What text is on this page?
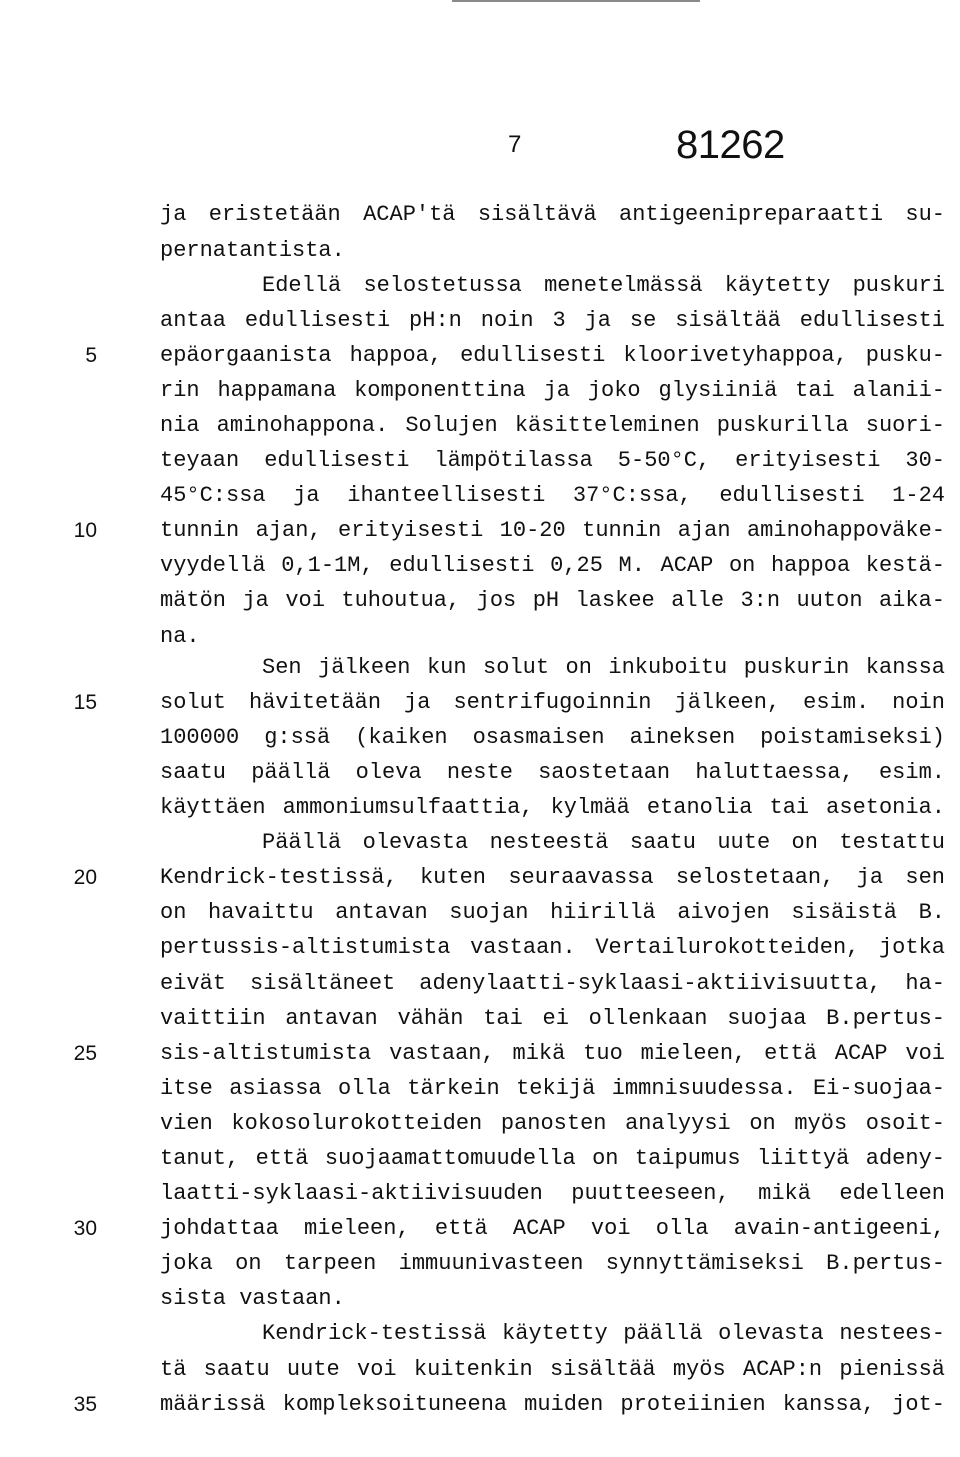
7	81262
ja eristetään ACAP'tä sisältävä antigeenipreparaatti su-
pernatantista.
Edellä selostetussa menetelmässä käytetty puskuri
antaa edullisesti pH:n noin 3 ja se sisältää edullisesti
5	epäorgaanista happoa, edullisesti kloorivetyhappoa, pusku-
rin happamana komponenttina ja joko glysiiniä tai alanii-
nia aminohappona. Solujen käsitteleminen puskurilla suori-
teyaan edullisesti lämpötilassa 5-50°C, erityisesti 30-
45°C:ssa ja ihanteellisesti 37°C:ssa, edullisesti 1-24
10	tunnin ajan, erityisesti 10-20 tunnin ajan aminohappoväke-
vyydellä 0,1-1M, edullisesti 0,25 M. ACAP on happoa kestä-
mätön ja voi tuhoutua, jos pH laskee alle 3:n uuton aika-
na.
Sen jälkeen kun solut on inkuboitu puskurin kanssa
15	solut hävitetään ja sentrifugoinnin jälkeen, esim. noin
100000 g:ssä (kaiken osasmaisen aineksen poistamiseksi)
saatu päällä oleva neste saostetaan haluttaessa, esim.
käyttäen ammoniumsulfaattia, kylmää etanolia tai asetonia.
Päällä olevasta nesteestä saatu uute on testattu
20	Kendrick-testissä, kuten seuraavassa selostetaan, ja sen
on havaittu antavan suojan hiirillä aivojen sisäistä B.
pertussis-altistumista vastaan. Vertailurokotteiden, jotka
eivät sisältäneet adenylaatti-syklaasi-aktiivisuutta, ha-
vaittiin antavan vähän tai ei ollenkaan suojaa B.pertus-
25	sis-altistumista vastaan, mikä tuo mieleen, että ACAP voi
itse asiassa olla tärkein tekijä immnisuudessa. Ei-suojaa-
vien kokosolurokotteiden panosten analyysi on myös osoit-
tanut, että suojaamattomuudella on taipumus liittyä adeny-
laatti-syklaasi-aktiivisuuden puutteeseen, mikä edelleen
30	johdattaa mieleen, että ACAP voi olla avain-antigeeni,
joka on tarpeen immuunivasteen synnyttämiseksi B.pertus-
sista vastaan.
Kendrick-testissä käytetty päällä olevasta nestees-
tä saatu uute voi kuitenkin sisältää myös ACAP:n pienissä
35	määrissä kompleksoituneena muiden proteiinien kanssa, jot-
